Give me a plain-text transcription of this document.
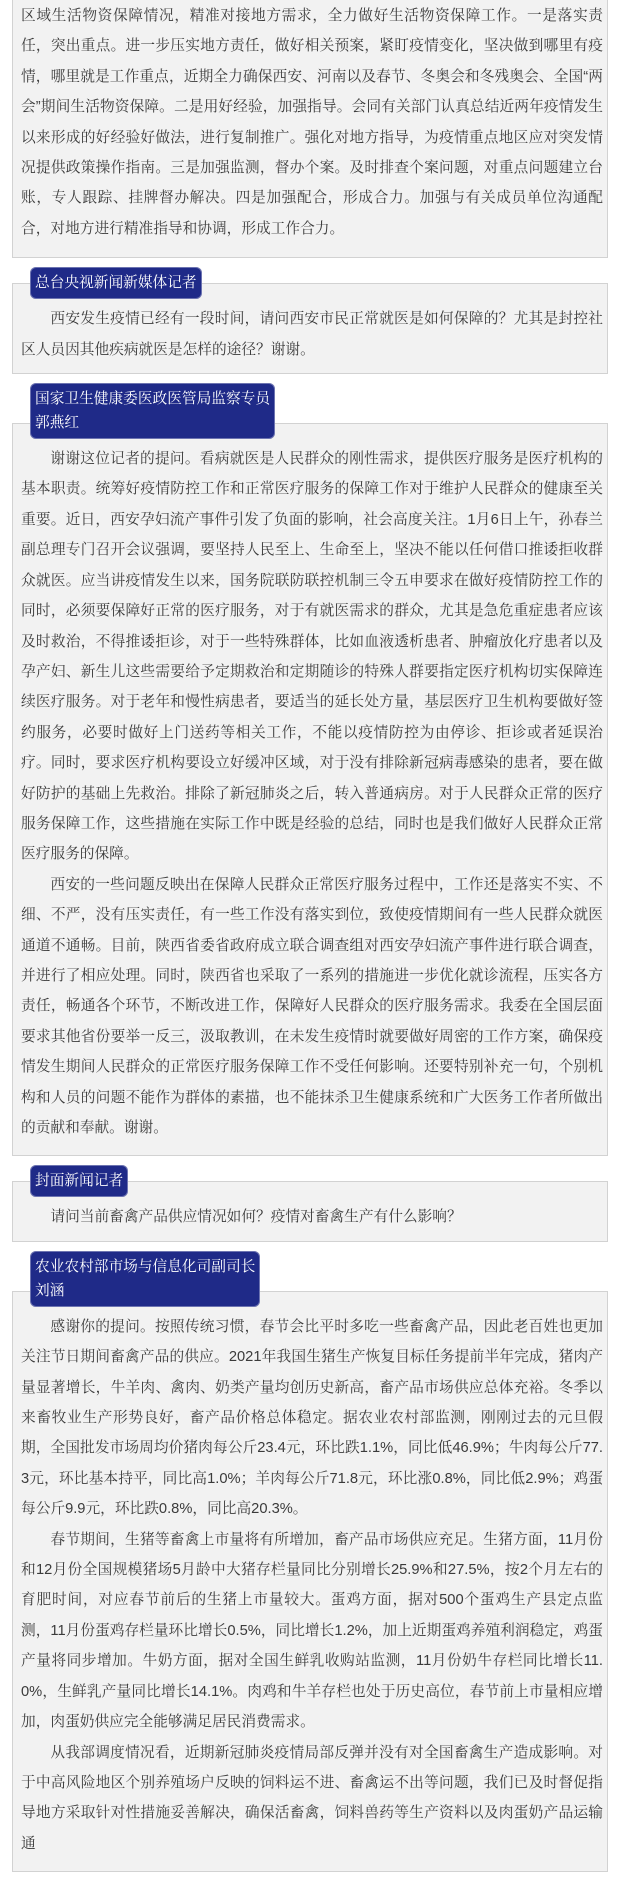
区域生活物资保障情况，精准对接地方需求，全力做好生活物资保障工作。一是落实责任，突出重点。进一步压实地方责任，做好相关预案，紧盯疫情变化，坚决做到哪里有疫情，哪里就是工作重点，近期全力确保西安、河南以及春节、冬奥会和冬残奥会、全国“两会”期间生活物资保障。二是用好经验，加强指导。会同有关部门认真总结近两年疫情发生以来形成的好经验好做法，进行复制推广。强化对地方指导，为疫情重点地区应对突发情况提供政策操作指南。三是加强监测，督办个案。及时排查个案问题，对重点问题建立台账，专人跟踪、挂牌督办解决。四是加强配合，形成合力。加强与有关成员单位沟通配合，对地方进行精准指导和协调，形成工作合力。

总台央视新闻新媒体记者

西安发生疫情已经有一段时间，请问西安市民正常就医是如何保障的？尤其是封控社区人员因其他疾病就医是怎样的途径？谢谢。

国家卫生健康委医政医管局监察专员
郭燕红

谢谢这位记者的提问。看病就医是人民群众的刚性需求，提供医疗服务是医疗机构的基本职责。统筹好疫情防控工作和正常医疗服务的保障工作对于维护人民群众的健康至关重要。近日，西安孕妇流产事件引发了负面的影响，社会高度关注。1月6日上午，孙春兰副总理专门召开会议强调，要坚持人民至上、生命至上，坚决不能以任何借口推诿拒收群众就医。应当讲疫情发生以来，国务院联防联控机制三令五申要求在做好疫情防控工作的同时，必须要保障好正常的医疗服务，对于有就医需求的群众，尤其是急危重症患者应该及时救治，不得推诿拒诊，对于一些特殊群体，比如血液透析患者、肿瘤放化疗患者以及孕产妇、新生儿这些需要给予定期救治和定期随诊的特殊人群要指定医疗机构切实保障连续医疗服务。对于老年和慢性病患者，要适当的延长处方量，基层医疗卫生机构要做好签约服务，必要时做好上门送药等相关工作，不能以疫情防控为由停诊、拒诊或者延误治疗。同时，要求医疗机构要设立好缓冲区域，对于没有排除新冠病毒感染的患者，要在做好防护的基础上先救治。排除了新冠肺炎之后，转入普通病房。对于人民群众正常的医疗服务保障工作，这些措施在实际工作中既是经验的总结，同时也是我们做好人民群众正常医疗服务的保障。

西安的一些问题反映出在保障人民群众正常医疗服务过程中，工作还是落实不实、不细、不严，没有压实责任，有一些工作没有落实到位，致使疫情期间有一些人民群众就医通道不通畅。目前，陕西省委省政府成立联合调查组对西安孕妇流产事件进行联合调查，并进行了相应处理。同时，陕西省也采取了一系列的措施进一步优化就诊流程，压实各方责任，畅通各个环节，不断改进工作，保障好人民群众的医疗服务需求。我委在全国层面要求其他省份要举一反三，汲取教训，在未发生疫情时就要做好周密的工作方案，确保疫情发生期间人民群众的正常医疗服务保障工作不受任何影响。还要特别补充一句，个别机构和人员的问题不能作为群体的素描，也不能抹杀卫生健康系统和广大医务工作者所做出的贡献和奉献。谢谢。

封面新闻记者

请问当前畜禽产品供应情况如何？疫情对畜禽生产有什么影响？

农业农村部市场与信息化司副司长
刘涵

感谢你的提问。按照传统习惯，春节会比平时多吃一些畜禽产品，因此老百姓也更加关注节日期间畜禽产品的供应。2021年我国生猪生产恢复目标任务提前半年完成，猪肉产量显著增长，牛羊肉、禽肉、奶类产量均创历史新高，畜产品市场供应总体充裕。冬季以来畜牧业生产形势良好，畜产品价格总体稳定。据农业农村部监测，刚刚过去的元旦假期，全国批发市场周均价猪肉每公斤23.4元，环比跌1.1%，同比低46.9%；牛肉每公斤77.3元，环比基本持平，同比高1.0%；羊肉每公斤71.8元，环比涨0.8%，同比低2.9%；鸡蛋每公斤9.9元，环比跌0.8%，同比高20.3%。

春节期间，生猪等畜禽上市量将有所增加，畜产品市场供应充足。生猪方面，11月份和12月份全国规模猪场5月龄中大猪存栏量同比分别增长25.9%和27.5%，按2个月左右的育肥时间，对应春节前后的生猪上市量较大。蛋鸡方面，据对500个蛋鸡生产县定点监测，11月份蛋鸡存栏量环比增长0.5%，同比增长1.2%，加上近期蛋鸡养殖利润稳定，鸡蛋产量将同步增加。牛奶方面，据对全国生鲜乳收购站监测，11月份奶牛存栏同比增长11.0%，生鲜乳产量同比增长14.1%。肉鸡和牛羊存栏也处于历史高位，春节前上市量相应增加，肉蛋奶供应完全能够满足居民消费需求。

从我部调度情况看，近期新冠肺炎疫情局部反弹并没有对全国畜禽生产造成影响。对于中高风险地区个别养殖场户反映的饲料运不进、畜禽运不出等问题，我们已及时督促指导地方采取针对性措施妥善解决，确保活畜禽，饲料兽药等生产资料以及肉蛋奶产品运输通
